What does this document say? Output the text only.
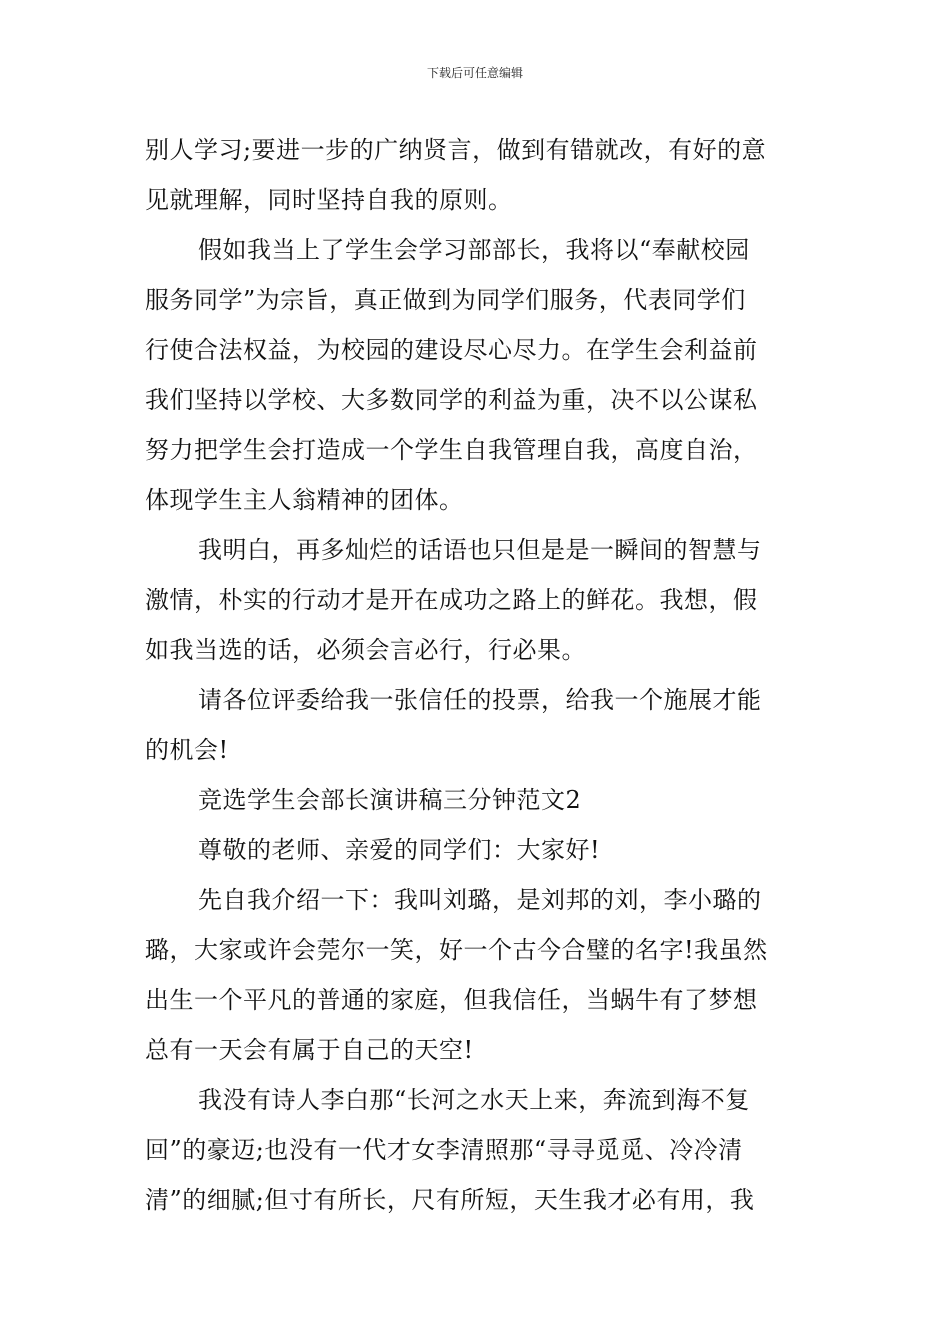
下载后可任意编辑
别人学习;要进一步的广纳贤言，做到有错就改，有好的意
见就理解，同时坚持自我的原则。
假如我当上了学生会学习部部长，我将以“奉献校园
服务同学”为宗旨，真正做到为同学们服务，代表同学们
行使合法权益，为校园的建设尽心尽力。在学生会利益前
我们坚持以学校、大多数同学的利益为重，决不以公谋私
努力把学生会打造成一个学生自我管理自我，高度自治，
体现学生主人翁精神的团体。
我明白，再多灿烂的话语也只但是是一瞬间的智慧与
激情，朴实的行动才是开在成功之路上的鲜花。我想，假
如我当选的话，必须会言必行，行必果。
请各位评委给我一张信任的投票，给我一个施展才能
的机会!
竞选学生会部长演讲稿三分钟范文2
尊敬的老师、亲爱的同学们：大家好!
先自我介绍一下：我叫刘璐，是刘邦的刘，李小璐的
璐，大家或许会莞尔一笑，好一个古今合璧的名字!我虽然
出生一个平凡的普通的家庭，但我信任，当蜗牛有了梦想
总有一天会有属于自己的天空!
我没有诗人李白那“长河之水天上来，奔流到海不复
回”的豪迈;也没有一代才女李清照那“寻寻觅觅、冷冷清
清”的细腻;但寸有所长，尺有所短，天生我才必有用，我
